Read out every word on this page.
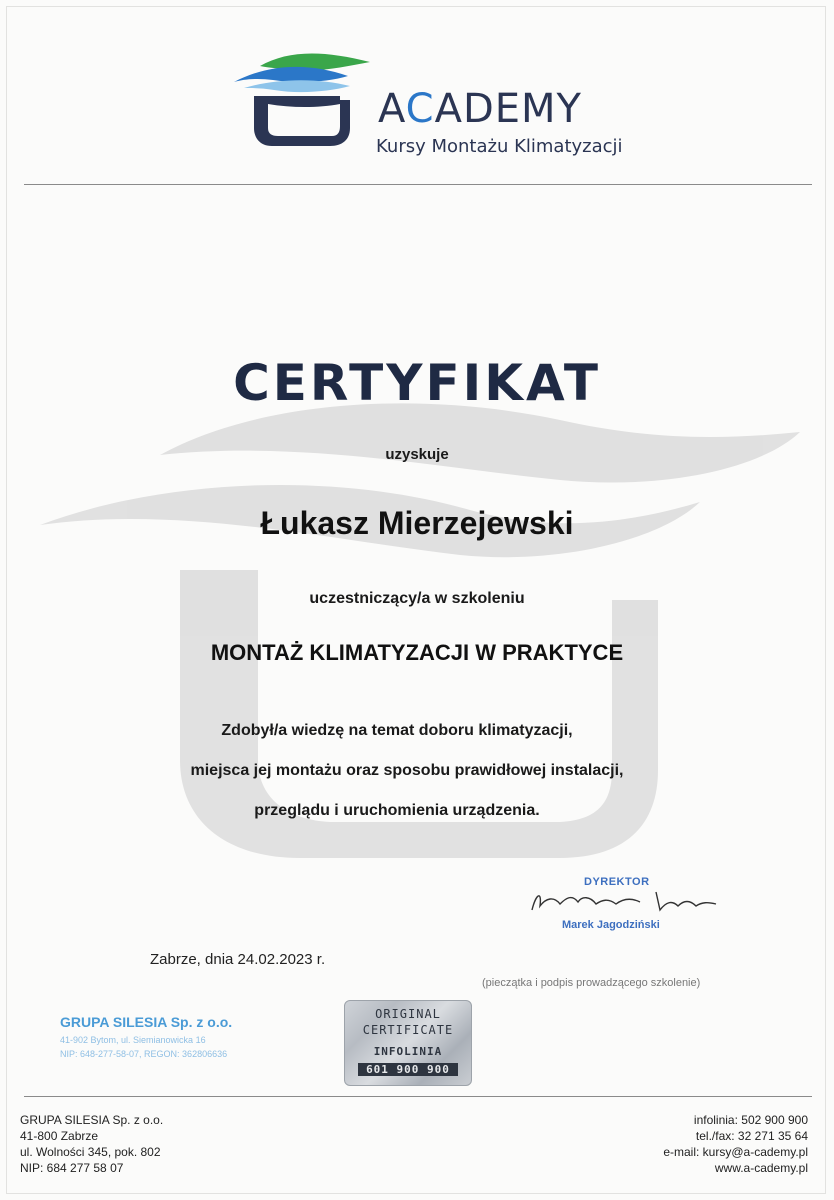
ACADEMY
Kursy Montażu Klimatyzacji
CERTYFIKAT
uzyskuje
Łukasz Mierzejewski
uczestniczący/a w szkoleniu
MONTAŻ KLIMATYZACJI W PRAKTYCE
Zdobył/a wiedzę na temat doboru klimatyzacji,
miejsca jej montażu oraz sposobu prawidłowej instalacji,
przeglądu i uruchomienia urządzenia.
Zabrze, dnia 24.02.2023 r.
DYREKTOR
Marek Jagodziński
(pieczątka i podpis prowadzącego szkolenie)
GRUPA SILESIA Sp. z o.o.
41-902 Bytom, ul. Siemianowicka 16
NIP: 648-277-58-07, REGON: 362806636
ORIGINAL
CERTIFICATE
INFOLINIA
601 900 900
GRUPA SILESIA Sp. z o.o.
41-800 Zabrze
ul. Wolności 345, pok. 802
NIP: 684 277 58 07
infolinia: 502 900 900
tel./fax: 32 271 35 64
e-mail: kursy@a-cademy.pl
www.a-cademy.pl
